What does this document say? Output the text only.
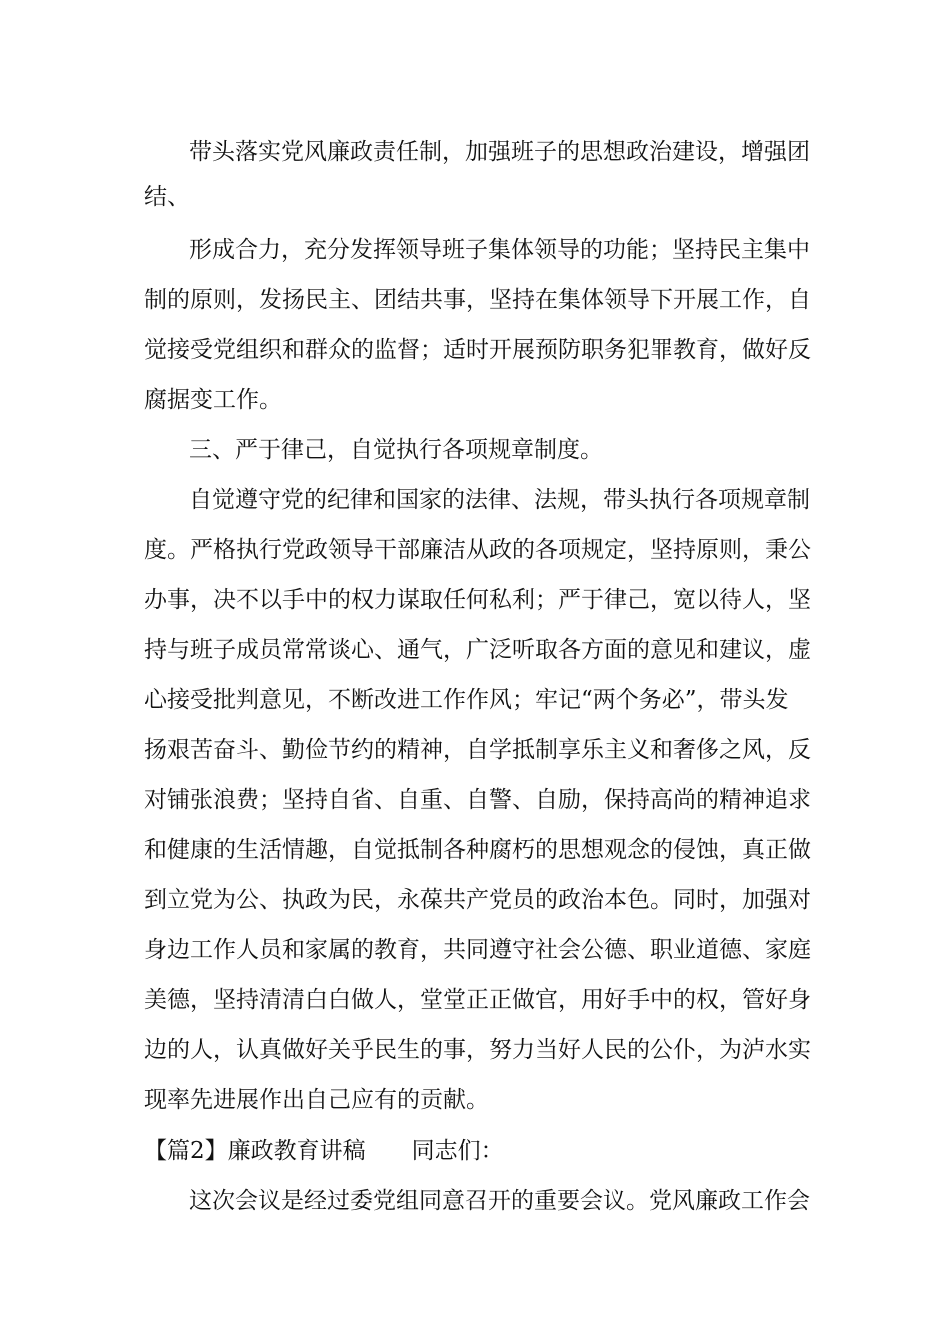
带头落实党风廉政责任制，加强班子的思想政治建设，增强团
结、
形成合力，充分发挥领导班子集体领导的功能；坚持民主集中
制的原则，发扬民主、团结共事，坚持在集体领导下开展工作，自
觉接受党组织和群众的监督；适时开展预防职务犯罪教育，做好反
腐据变工作。
三、严于律己，自觉执行各项规章制度。
自觉遵守党的纪律和国家的法律、法规，带头执行各项规章制
度。严格执行党政领导干部廉洁从政的各项规定，坚持原则，秉公
办事，决不以手中的权力谋取任何私利；严于律己，宽以待人，坚
持与班子成员常常谈心、通气，广泛听取各方面的意见和建议，虚
心接受批判意见，不断改进工作作风；牢记“两个务必”，带头发
扬艰苦奋斗、勤俭节约的精神，自学抵制享乐主义和奢侈之风，反
对铺张浪费；坚持自省、自重、自警、自励，保持高尚的精神追求
和健康的生活情趣，自觉抵制各种腐朽的思想观念的侵蚀，真正做
到立党为公、执政为民，永葆共产党员的政治本色。同时，加强对
身边工作人员和家属的教育，共同遵守社会公德、职业道德、家庭
美德，坚持清清白白做人，堂堂正正做官，用好手中的权，管好身
边的人，认真做好关乎民生的事，努力当好人民的公仆，为泸水实
现率先进展作出自己应有的贡献。
【篇2】廉政教育讲稿　　同志们：
这次会议是经过委党组同意召开的重要会议。党风廉政工作会
